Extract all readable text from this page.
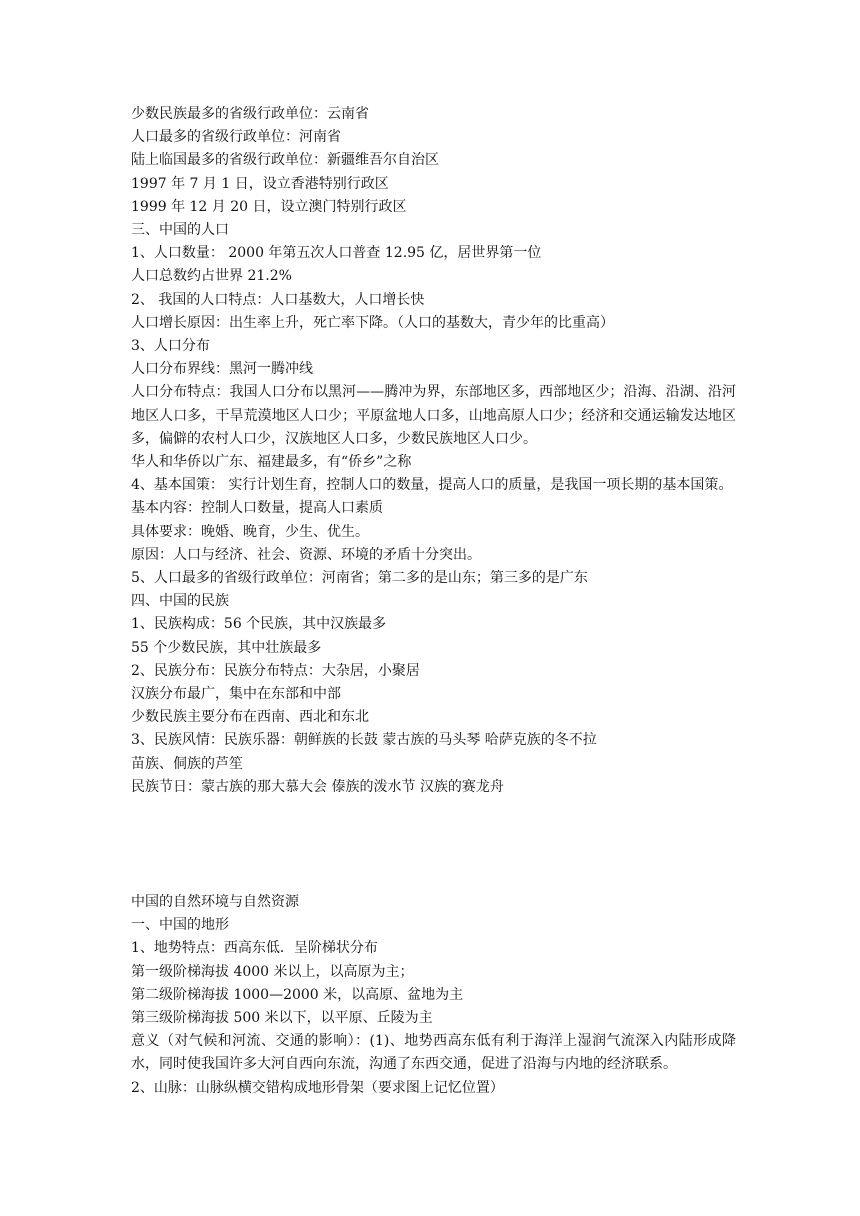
少数民族最多的省级行政单位：云南省
人口最多的省级行政单位：河南省
陆上临国最多的省级行政单位：新疆维吾尔自治区
1997 年 7 月 1 日，设立香港特别行政区
1999 年 12 月 20 日，设立澳门特别行政区
三、中国的人口
1、人口数量： 2000 年第五次人口普查 12.95 亿，居世界第一位
人口总数约占世界 21.2%
2、 我国的人口特点：人口基数大，人口增长快
人口增长原因：出生率上升，死亡率下降。（人口的基数大，青少年的比重高）
3、人口分布
人口分布界线：黑河一腾冲线
人口分布特点：我国人口分布以黑河——腾冲为界，东部地区多，西部地区少；沿海、沿湖、沿河地区人口多，干旱荒漠地区人口少；平原盆地人口多，山地高原人口少；经济和交通运输发达地区多，偏僻的农村人口少，汉族地区人口多，少数民族地区人口少。
华人和华侨以广东、福建最多，有“侨乡”之称
4、基本国策： 实行计划生育，控制人口的数量，提高人口的质量，是我国一项长期的基本国策。
基本内容：控制人口数量，提高人口素质
具体要求：晚婚、晚育，少生、优生。
原因：人口与经济、社会、资源、环境的矛盾十分突出。
5、人口最多的省级行政单位：河南省；第二多的是山东；第三多的是广东
四、中国的民族
1、民族构成：56 个民族，其中汉族最多
55 个少数民族，其中壮族最多
2、民族分布：民族分布特点：大杂居，小聚居
汉族分布最广，集中在东部和中部
少数民族主要分布在西南、西北和东北
3、民族风情：民族乐器：朝鲜族的长鼓 蒙古族的马头琴 哈萨克族的冬不拉
苗族、侗族的芦笙
民族节日：蒙古族的那大慕大会 傣族的泼水节 汉族的赛龙舟
中国的自然环境与自然资源
一、中国的地形
1、地势特点：西高东低．呈阶梯状分布
第一级阶梯海拔 4000 米以上，以高原为主；
第二级阶梯海拔 1000—2000 米，以高原、盆地为主
第三级阶梯海拔 500 米以下，以平原、丘陵为主
意义（对气候和河流、交通的影响）：(1)、地势西高东低有利于海洋上湿润气流深入内陆形成降水，同时使我国许多大河自西向东流，沟通了东西交通，促进了沿海与内地的经济联系。
2、山脉：山脉纵横交错构成地形骨架（要求图上记忆位置）
